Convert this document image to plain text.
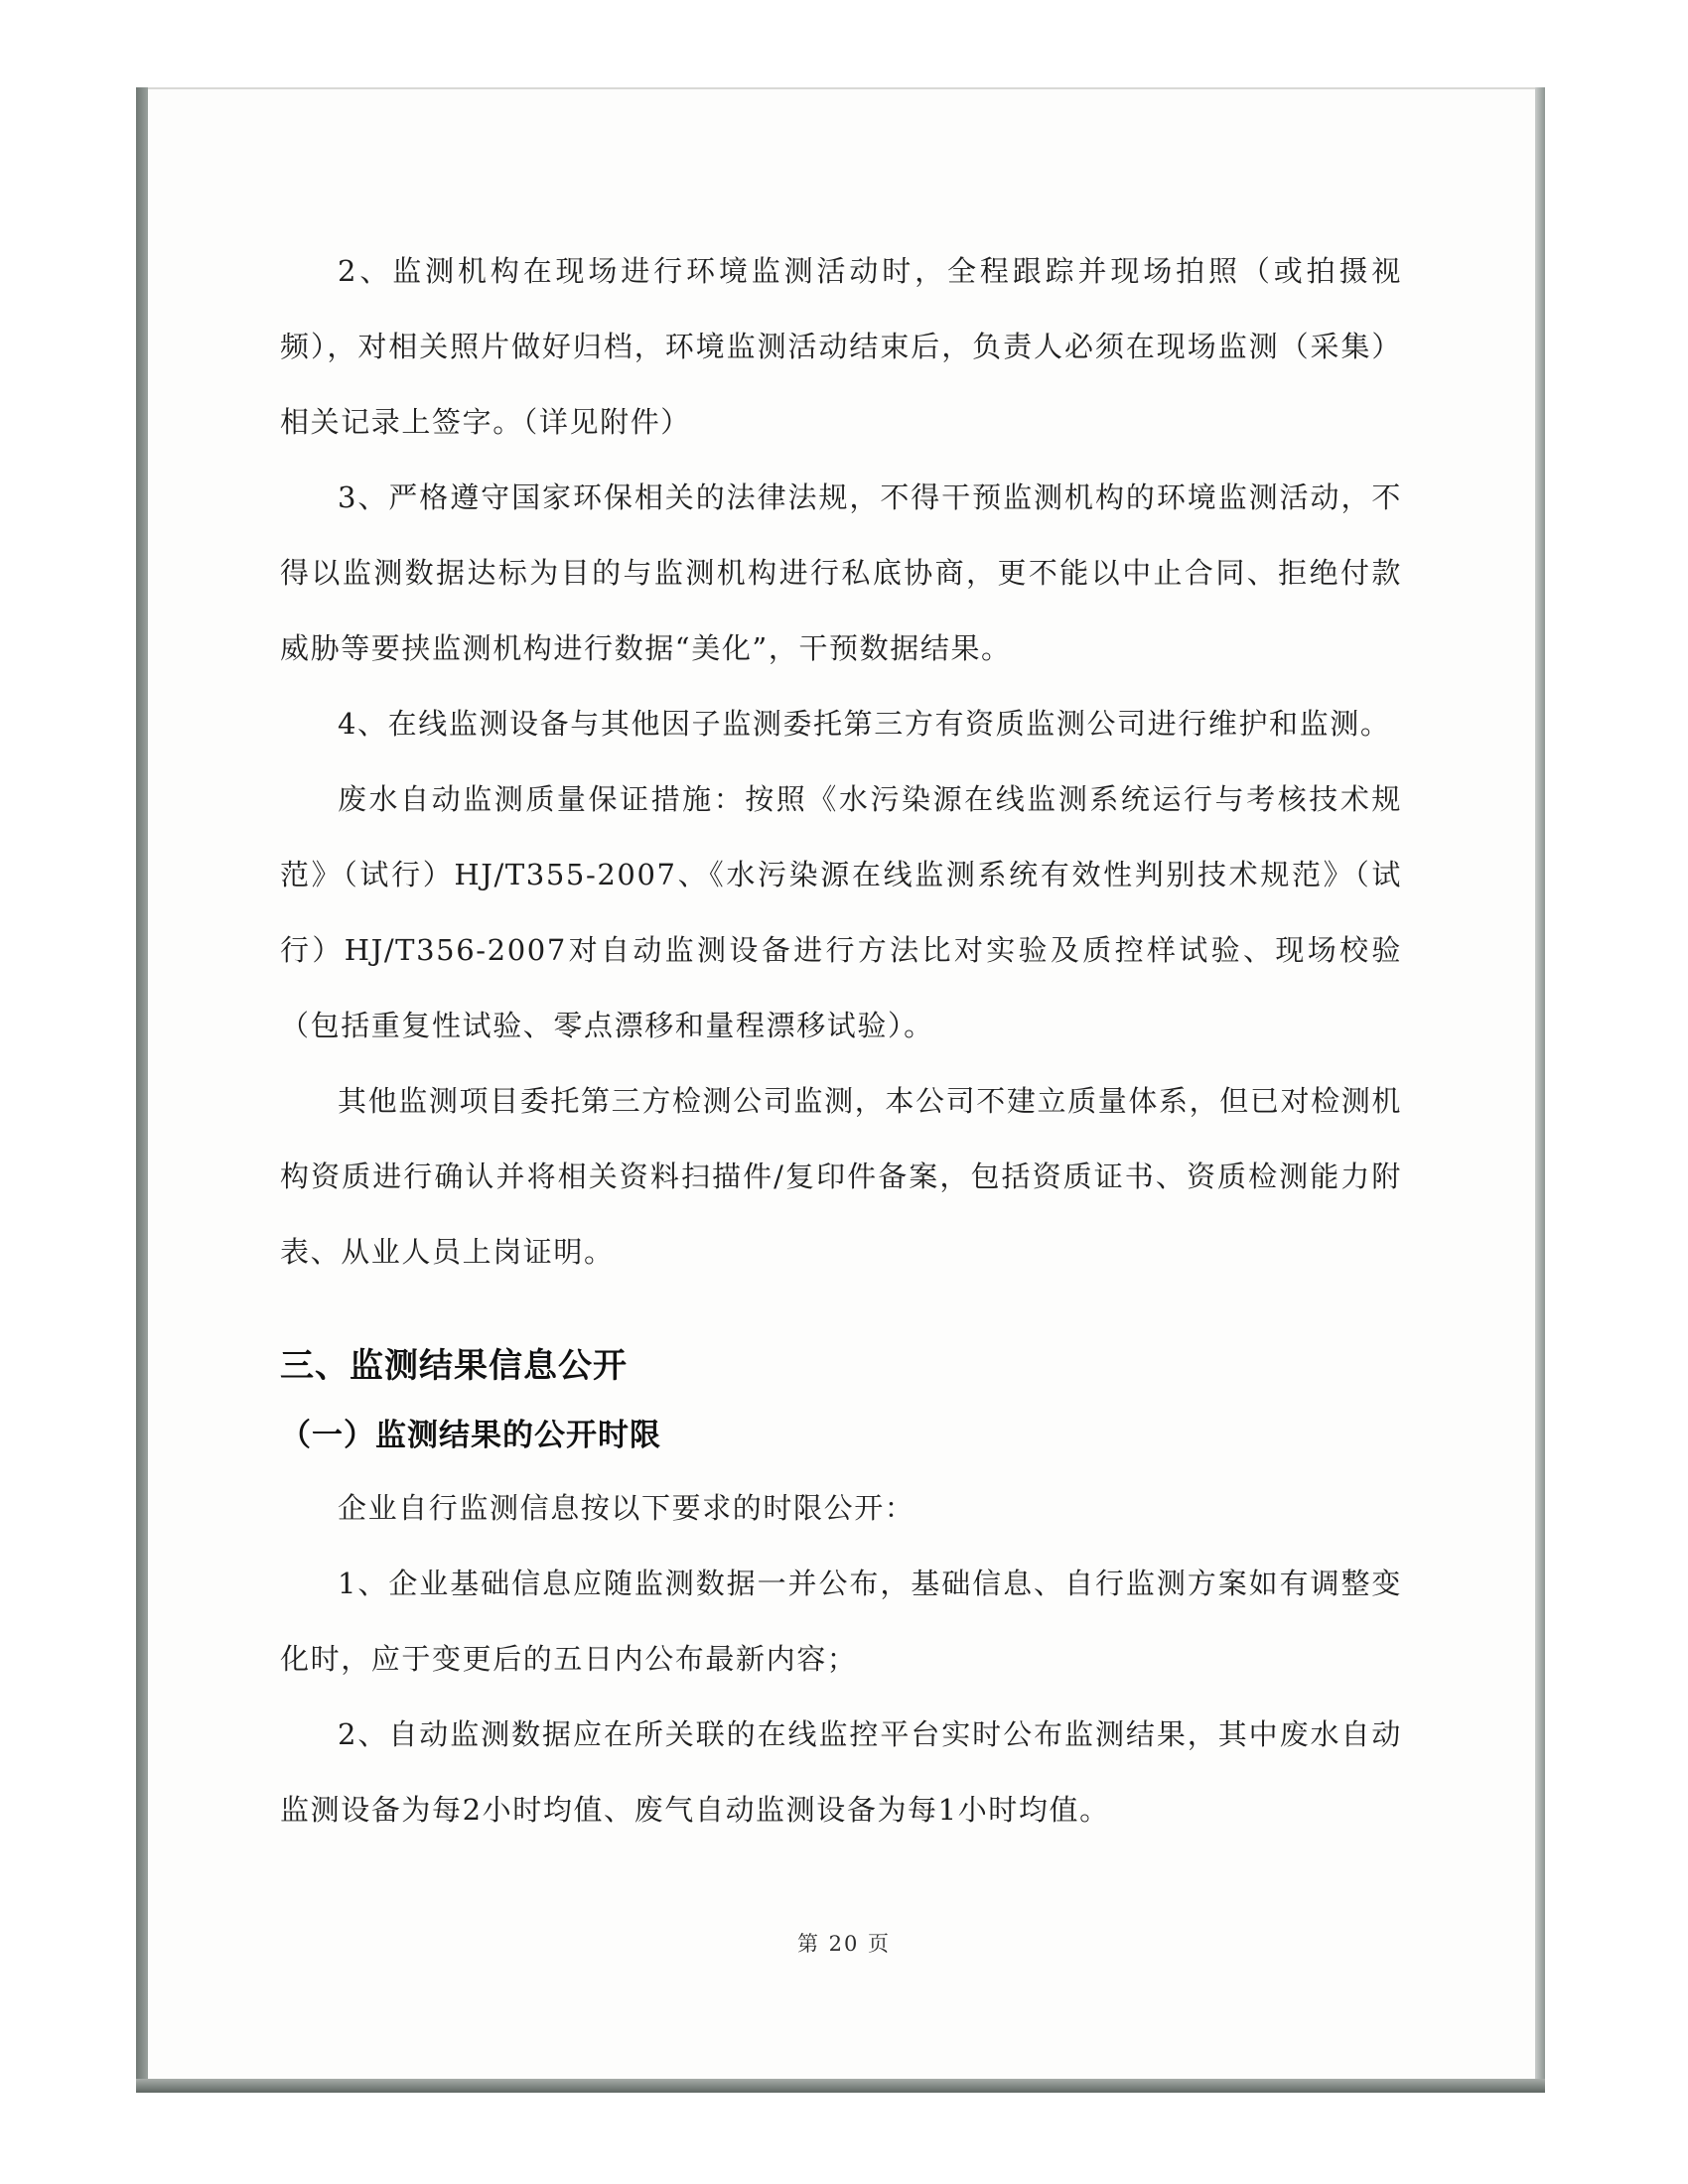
2、监测机构在现场进行环境监测活动时，全程跟踪并现场拍照（或拍摄视频），对相关照片做好归档，环境监测活动结束后，负责人必须在现场监测（采集）相关记录上签字。（详见附件）

3、严格遵守国家环保相关的法律法规，不得干预监测机构的环境监测活动，不得以监测数据达标为目的与监测机构进行私底协商，更不能以中止合同、拒绝付款威胁等要挟监测机构进行数据“美化”，干预数据结果。

4、在线监测设备与其他因子监测委托第三方有资质监测公司进行维护和监测。

废水自动监测质量保证措施：按照《水污染源在线监测系统运行与考核技术规范》（试行）HJ/T355-2007、《水污染源在线监测系统有效性判别技术规范》（试行）HJ/T356-2007对自动监测设备进行方法比对实验及质控样试验、现场校验（包括重复性试验、零点漂移和量程漂移试验）。

其他监测项目委托第三方检测公司监测，本公司不建立质量体系，但已对检测机构资质进行确认并将相关资料扫描件/复印件备案，包括资质证书、资质检测能力附表、从业人员上岗证明。

三、监测结果信息公开
（一）监测结果的公开时限

企业自行监测信息按以下要求的时限公开：

1、企业基础信息应随监测数据一并公布，基础信息、自行监测方案如有调整变化时，应于变更后的五日内公布最新内容；

2、自动监测数据应在所关联的在线监控平台实时公布监测结果，其中废水自动监测设备为每2小时均值、废气自动监测设备为每1小时均值。

第 20 页
